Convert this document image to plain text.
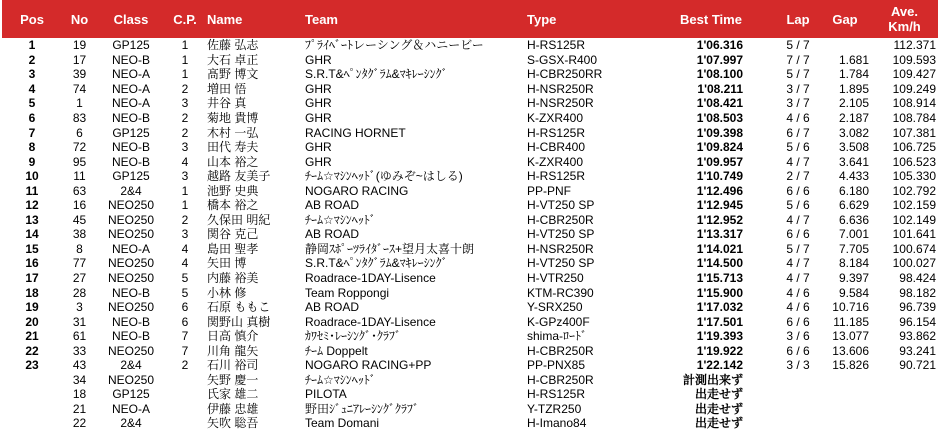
Pos	No	Class	C.P.	Name	Team	Type	Best Time	Lap	Gap	Ave.
Km/h
1	19	GP125	1	佐藤 弘志	ﾌﾟﾗｲﾍﾞｰﾄレーシング＆ハニービー	H-RS125R	1'06.316	5 / 7		112.371
2	17	NEO-B	1	大石 卓正	GHR	S-GSX-R400	1'07.997	7 / 7	1.681	109.593
3	39	NEO-A	1	髙野 博文	S.R.T&ﾍﾟﾝﾀｸﾞﾗﾑ&ﾏｷﾚｰｼﾝｸﾞ	H-CBR250RR	1'08.100	5 / 7	1.784	109.427
4	74	NEO-A	2	増田 悟	GHR	H-NSR250R	1'08.211	3 / 7	1.895	109.249
5	1	NEO-A	3	井谷 真	GHR	H-NSR250R	1'08.421	3 / 7	2.105	108.914
6	83	NEO-B	2	菊地 貴博	GHR	K-ZXR400	1'08.503	4 / 6	2.187	108.784
7	6	GP125	2	木村 一弘	RACING HORNET	H-RS125R	1'09.398	6 / 7	3.082	107.381
8	72	NEO-B	3	田代 寿夫	GHR	H-CBR400	1'09.824	5 / 6	3.508	106.725
9	95	NEO-B	4	山本 裕之	GHR	K-ZXR400	1'09.957	4 / 7	3.641	106.523
10	11	GP125	3	越路 友美子	ﾁｰﾑ☆ﾏｼﾝﾍｯﾄﾞ(ゆみぞ~はしる)	H-RS125R	1'10.749	2 / 7	4.433	105.330
11	63	2&4	1	池野 史典	NOGARO RACING	PP-PNF	1'12.496	6 / 6	6.180	102.792
12	16	NEO250	1	橋本 裕之	AB ROAD	H-VT250 SP	1'12.945	5 / 6	6.629	102.159
13	45	NEO250	2	久保田 明紀	ﾁｰﾑ☆ﾏｼﾝﾍｯﾄﾞ	H-CBR250R	1'12.952	4 / 7	6.636	102.149
14	38	NEO250	3	関谷 克己	AB ROAD	H-VT250 SP	1'13.317	6 / 6	7.001	101.641
15	8	NEO-A	4	島田 聖孝	静岡ｽﾎﾟｰﾂﾗｲﾀﾞｰｽ+望月太喜十朗	H-NSR250R	1'14.021	5 / 7	7.705	100.674
16	77	NEO250	4	矢田 博	S.R.T&ﾍﾟﾝﾀｸﾞﾗﾑ&ﾏｷﾚｰｼﾝｸﾞ	H-VT250 SP	1'14.500	4 / 7	8.184	100.027
17	27	NEO250	5	内藤 裕美	Roadrace-1DAY-Lisence	H-VTR250	1'15.713	4 / 7	9.397	98.424
18	28	NEO-B	5	小林 修	Team Roppongi	KTM-RC390	1'15.900	4 / 6	9.584	98.182
19	3	NEO250	6	石原 ももこ	AB ROAD	Y-SRX250	1'17.032	4 / 6	10.716	96.739
20	31	NEO-B	6	関野山 真樹	Roadrace-1DAY-Lisence	K-GPz400F	1'17.501	6 / 6	11.185	96.154
21	61	NEO-B	7	日高 慎介	ｶﾜｾﾐ･ﾚｰｼﾝｸﾞ･ｸﾗﾌﾞ	shima-ﾛｰﾄﾞ	1'19.393	3 / 6	13.077	93.862
22	33	NEO250	7	川角 龍矢	ﾁｰﾑ Doppelt	H-CBR250R	1'19.922	6 / 6	13.606	93.241
23	43	2&4	2	石川 裕司	NOGARO RACING+PP	PP-PNX85	1'22.142	3 / 3	15.826	90.721
	34	NEO250		矢野 慶一	ﾁｰﾑ☆ﾏｼﾝﾍｯﾄﾞ	H-CBR250R	計測出来ず			
	18	GP125		氏家 雄二	PILOTA	H-RS125R	出走せず			
	21	NEO-A		伊藤 忠雄	野田ｼﾞｭﾆｱﾚｰｼﾝｸﾞｸﾗﾌﾞ	Y-TZR250	出走せず			
	22	2&4		矢吹 聡吾	Team Domani	H-Imano84	出走せず			
